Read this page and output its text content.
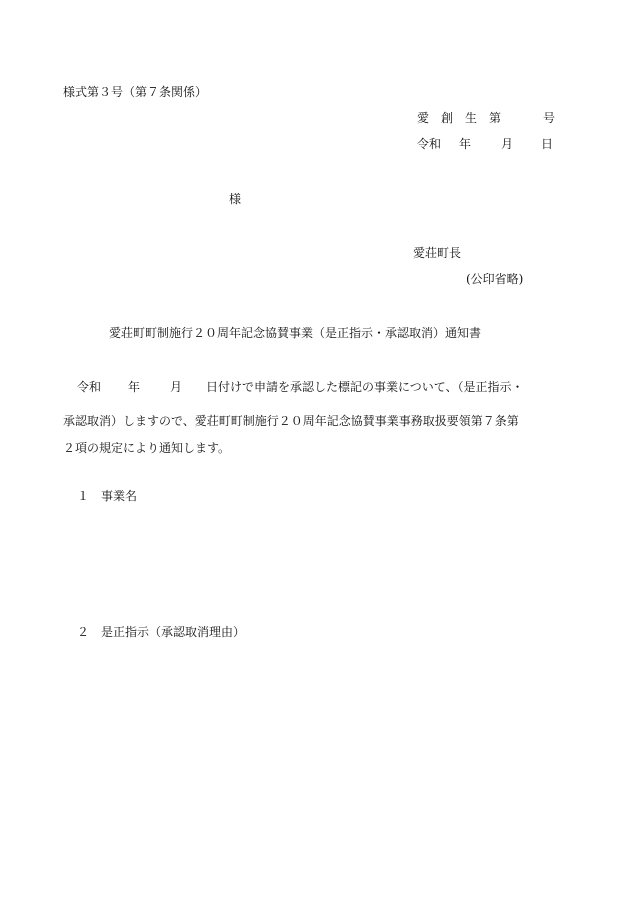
様式第３号（第７条関係）
愛 創 生 第	号
令和 年 月 日
様
愛荘町長
(公印省略)
愛荘町町制施行２０周年記念協賛事業（是正指示・承認取消）通知書
令和 年 月 日付けで申請を承認した標記の事業について、（是正指示・
承認取消）しますので、愛荘町町制施行２０周年記念協賛事業事務取扱要領第７条第
２項の規定により通知します。
１ 事業名
２ 是正指示（承認取消理由）
